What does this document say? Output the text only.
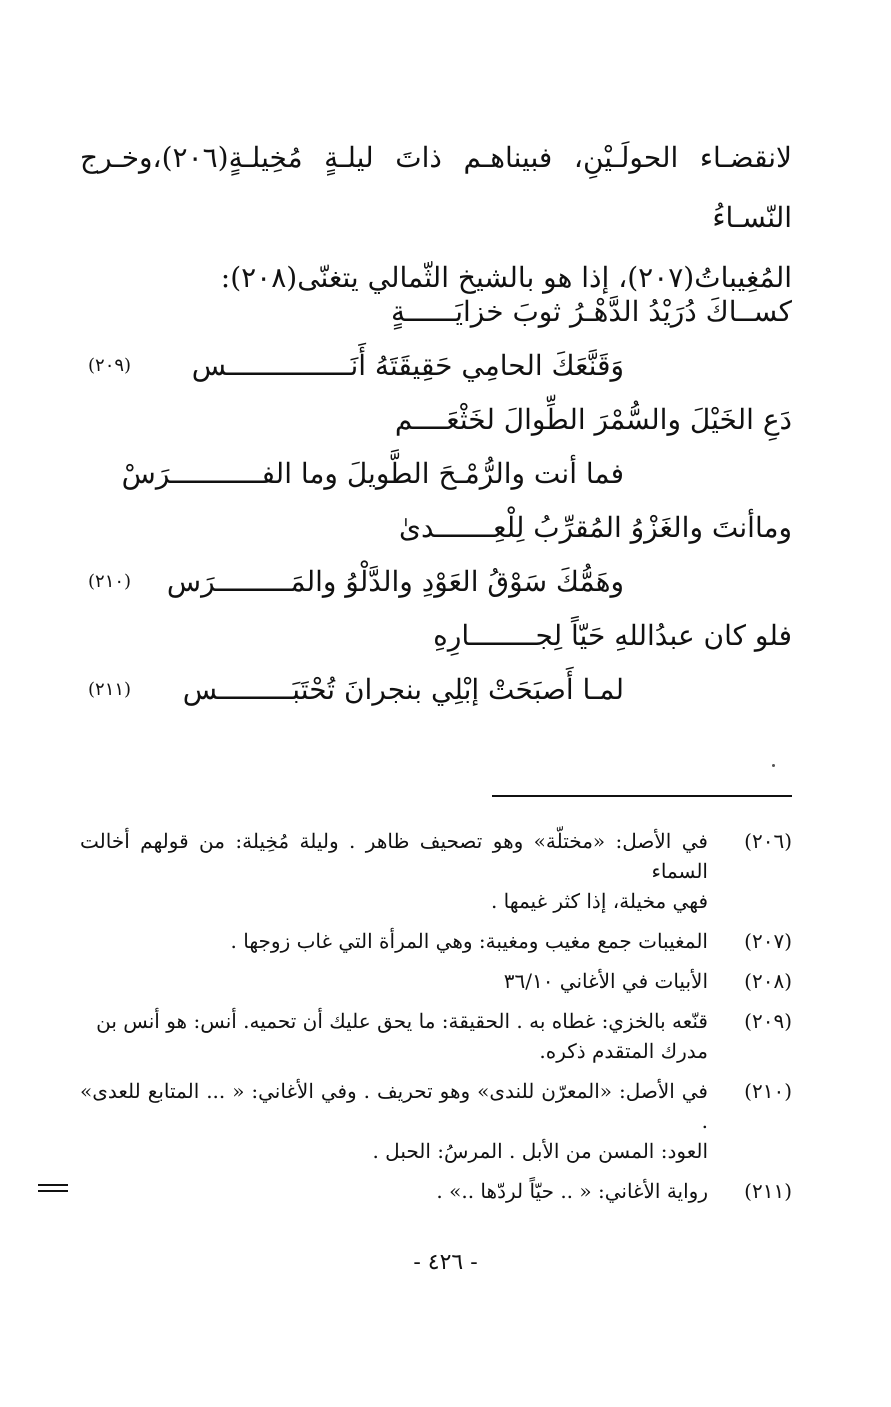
لانقضـاء الحولَـيْنِ، فبيناهـم ذاتَ ليلـةٍ مُخِيلـةٍ(٢٠٦)،وخـرج النّسـاءُ

المُغِيباتُ(٢٠٧)، إذا هو بالشيخ الثّمالي يتغنّى(٢٠٨):

كســاكَ دُرَيْدُ الدَّهْـرُ ثوبَ خزايَــــــةٍ
وَقَنَّعَكَ الحامِي حَقِيقَتَهُ أَنَـــــــــــــــس
(٢٠٩)
دَعِ الخَيْلَ والسُّمْرَ الطِّوالَ لخَثْعَــــم
فما أنت والرُّمْـحَ الطَّويلَ وما الفـــــــــــرَسْ
وماأنتَ والغَزْوُ المُقرِّبُ لِلْعِـــــــدىٰ
وهَمُّكَ سَوْقُ العَوْدِ والدَّلْوُ والمَـــــــــرَس
(٢١٠)
فلو كان عبدُاللهِ حَيّاً لِجــــــــارِهِ
لمـا أَصبَحَتْ إبْلِي بنجرانَ تُحْتَبَـــــــــس
(٢١١)
(٢٠٦)
في الأصل: «مختلّة» وهو تصحيف ظاهر . وليلة مُخِيلة: من قولهم أخالت السماء
فهي مخيلة، إذا كثر غيمها .
(٢٠٧)
المغيبات جمع مغيب ومغيبة: وهي المرأة التي غاب زوجها .
(٢٠٨)
الأبيات في الأغاني ٣٦/١٠
(٢٠٩)
قنّعه بالخزي: غطاه به . الحقيقة: ما يحق عليك أن تحميه. أنس: هو أنس بن
مدرك المتقدم ذكره.
(٢١٠)
في الأصل: «المعرّن للندى» وهو تحريف . وفي الأغاني: « ... المتابع للعدى» .
العود: المسن من الأبل . المرسُ: الحبل .
(٢١١)
رواية الأغاني: « .. حيّاً لردّها ..» .
- ٤٢٦ -
